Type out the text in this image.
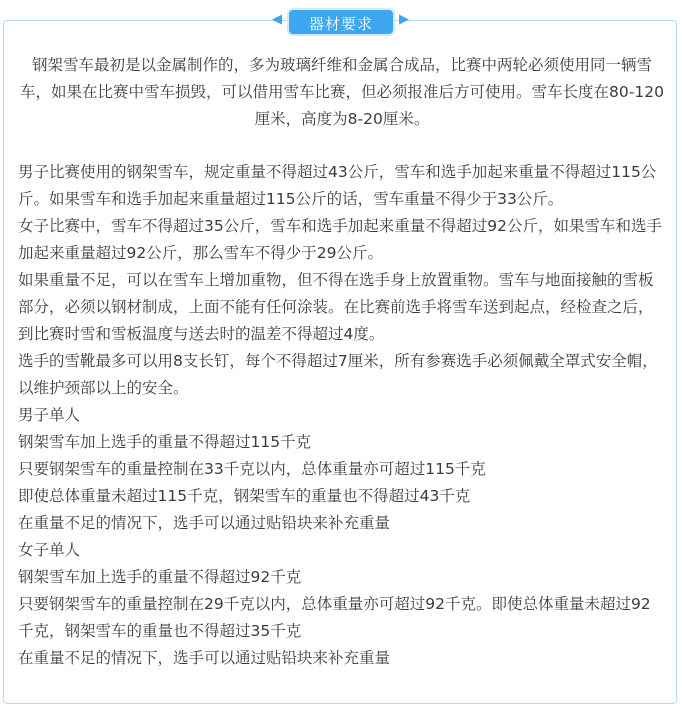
◀	器材要求	▶

钢架雪车最初是以金属制作的，多为玻璃纤维和金属合成品，比赛中两轮必须使用同一辆雪车，如果在比赛中雪车损毁，可以借用雪车比赛，但必须报准后方可使用。雪车长度在80-120厘米，高度为8-20厘米。

男子比赛使用的钢架雪车，规定重量不得超过43公斤，雪车和选手加起来重量不得超过115公斤。如果雪车和选手加起来重量超过115公斤的话，雪车重量不得少于33公斤。

女子比赛中，雪车不得超过35公斤，雪车和选手加起来重量不得超过92公斤，如果雪车和选手加起来重量超过92公斤，那么雪车不得少于29公斤。

如果重量不足，可以在雪车上增加重物，但不得在选手身上放置重物。雪车与地面接触的雪板部分，必须以钢材制成，上面不能有任何涂装。在比赛前选手将雪车送到起点，经检查之后，到比赛时雪和雪板温度与送去时的温差不得超过4度。

选手的雪靴最多可以用8支长钉，每个不得超过7厘米，所有参赛选手必须佩戴全罩式安全帽，以维护颈部以上的安全。

男子单人

钢架雪车加上选手的重量不得超过115千克

只要钢架雪车的重量控制在33千克以内，总体重量亦可超过115千克

即使总体重量未超过115千克，钢架雪车的重量也不得超过43千克

在重量不足的情况下，选手可以通过贴铅块来补充重量

女子单人

钢架雪车加上选手的重量不得超过92千克

只要钢架雪车的重量控制在29千克以内，总体重量亦可超过92千克。即使总体重量未超过92千克，钢架雪车的重量也不得超过35千克

在重量不足的情况下，选手可以通过贴铅块来补充重量
